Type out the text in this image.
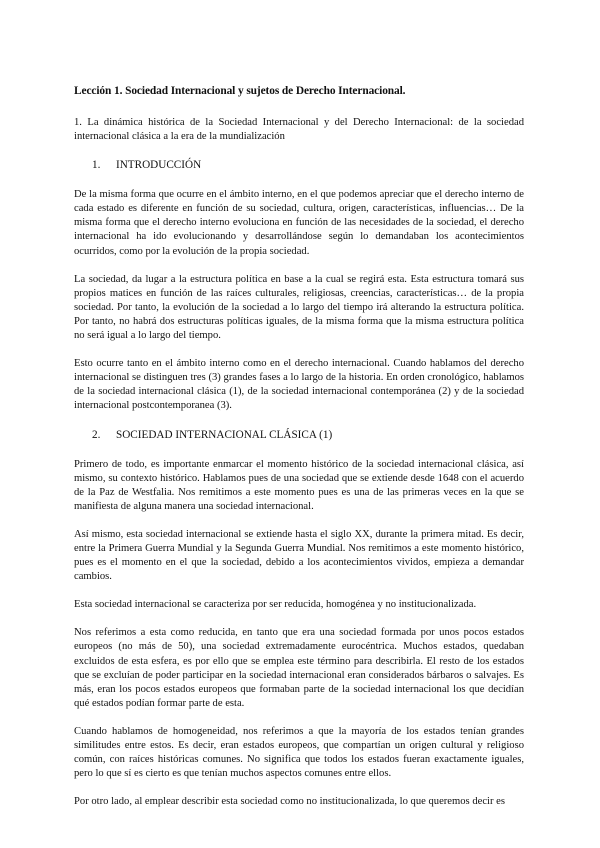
Lección 1. Sociedad Internacional y sujetos de Derecho Internacional.

1. La dinámica histórica de la Sociedad Internacional y del Derecho Internacional: de la sociedad internacional clásica a la era de la mundialización

1. INTRODUCCIÓN

De la misma forma que ocurre en el ámbito interno, en el que podemos apreciar que el derecho interno de cada estado es diferente en función de su sociedad, cultura, origen, características, influencias… De la misma forma que el derecho interno evoluciona en función de las necesidades de la sociedad, el derecho internacional ha ido evolucionando y desarrollándose según lo demandaban los acontecimientos ocurridos, como por la evolución de la propia sociedad.

La sociedad, da lugar a la estructura política en base a la cual se regirá esta. Esta estructura tomará sus propios matices en función de las raíces culturales, religiosas, creencias, características… de la propia sociedad. Por tanto, la evolución de la sociedad a lo largo del tiempo irá alterando la estructura política. Por tanto, no habrá dos estructuras políticas iguales, de la misma forma que la misma estructura política no será igual a lo largo del tiempo.

Esto ocurre tanto en el ámbito interno como en el derecho internacional. Cuando hablamos del derecho internacional se distinguen tres (3) grandes fases a lo largo de la historia. En orden cronológico, hablamos de la sociedad internacional clásica (1), de la sociedad internacional contemporánea (2) y de la sociedad internacional postcontemporanea (3).

2. SOCIEDAD INTERNACIONAL CLÁSICA (1)

Primero de todo, es importante enmarcar el momento histórico de la sociedad internacional clásica, así mismo, su contexto histórico. Hablamos pues de una sociedad que se extiende desde 1648 con el acuerdo de la Paz de Westfalia. Nos remitimos a este momento pues es una de las primeras veces en la que se manifiesta de alguna manera una sociedad internacional.

Así mismo, esta sociedad internacional se extiende hasta el siglo XX, durante la primera mitad. Es decir, entre la Primera Guerra Mundial y la Segunda Guerra Mundial. Nos remitimos a este momento histórico, pues es el momento en el que la sociedad, debido a los acontecimientos vividos, empieza a demandar cambios.

Esta sociedad internacional se caracteriza por ser reducida, homogénea y no institucionalizada.

Nos referimos a esta como reducida, en tanto que era una sociedad formada por unos pocos estados europeos (no más de 50), una sociedad extremadamente eurocéntrica. Muchos estados, quedaban excluidos de esta esfera, es por ello que se emplea este término para describirla. El resto de los estados que se excluían de poder participar en la sociedad internacional eran considerados bárbaros o salvajes. Es más, eran los pocos estados europeos que formaban parte de la sociedad internacional los que decidían qué estados podían formar parte de esta.

Cuando hablamos de homogeneidad, nos referimos a que la mayoría de los estados tenían grandes similitudes entre estos. Es decir, eran estados europeos, que compartían un origen cultural y religioso común, con raíces históricas comunes. No significa que todos los estados fueran exactamente iguales, pero lo que sí es cierto es que tenían muchos aspectos comunes entre ellos.

Por otro lado, al emplear describir esta sociedad como no institucionalizada, lo que queremos decir es
